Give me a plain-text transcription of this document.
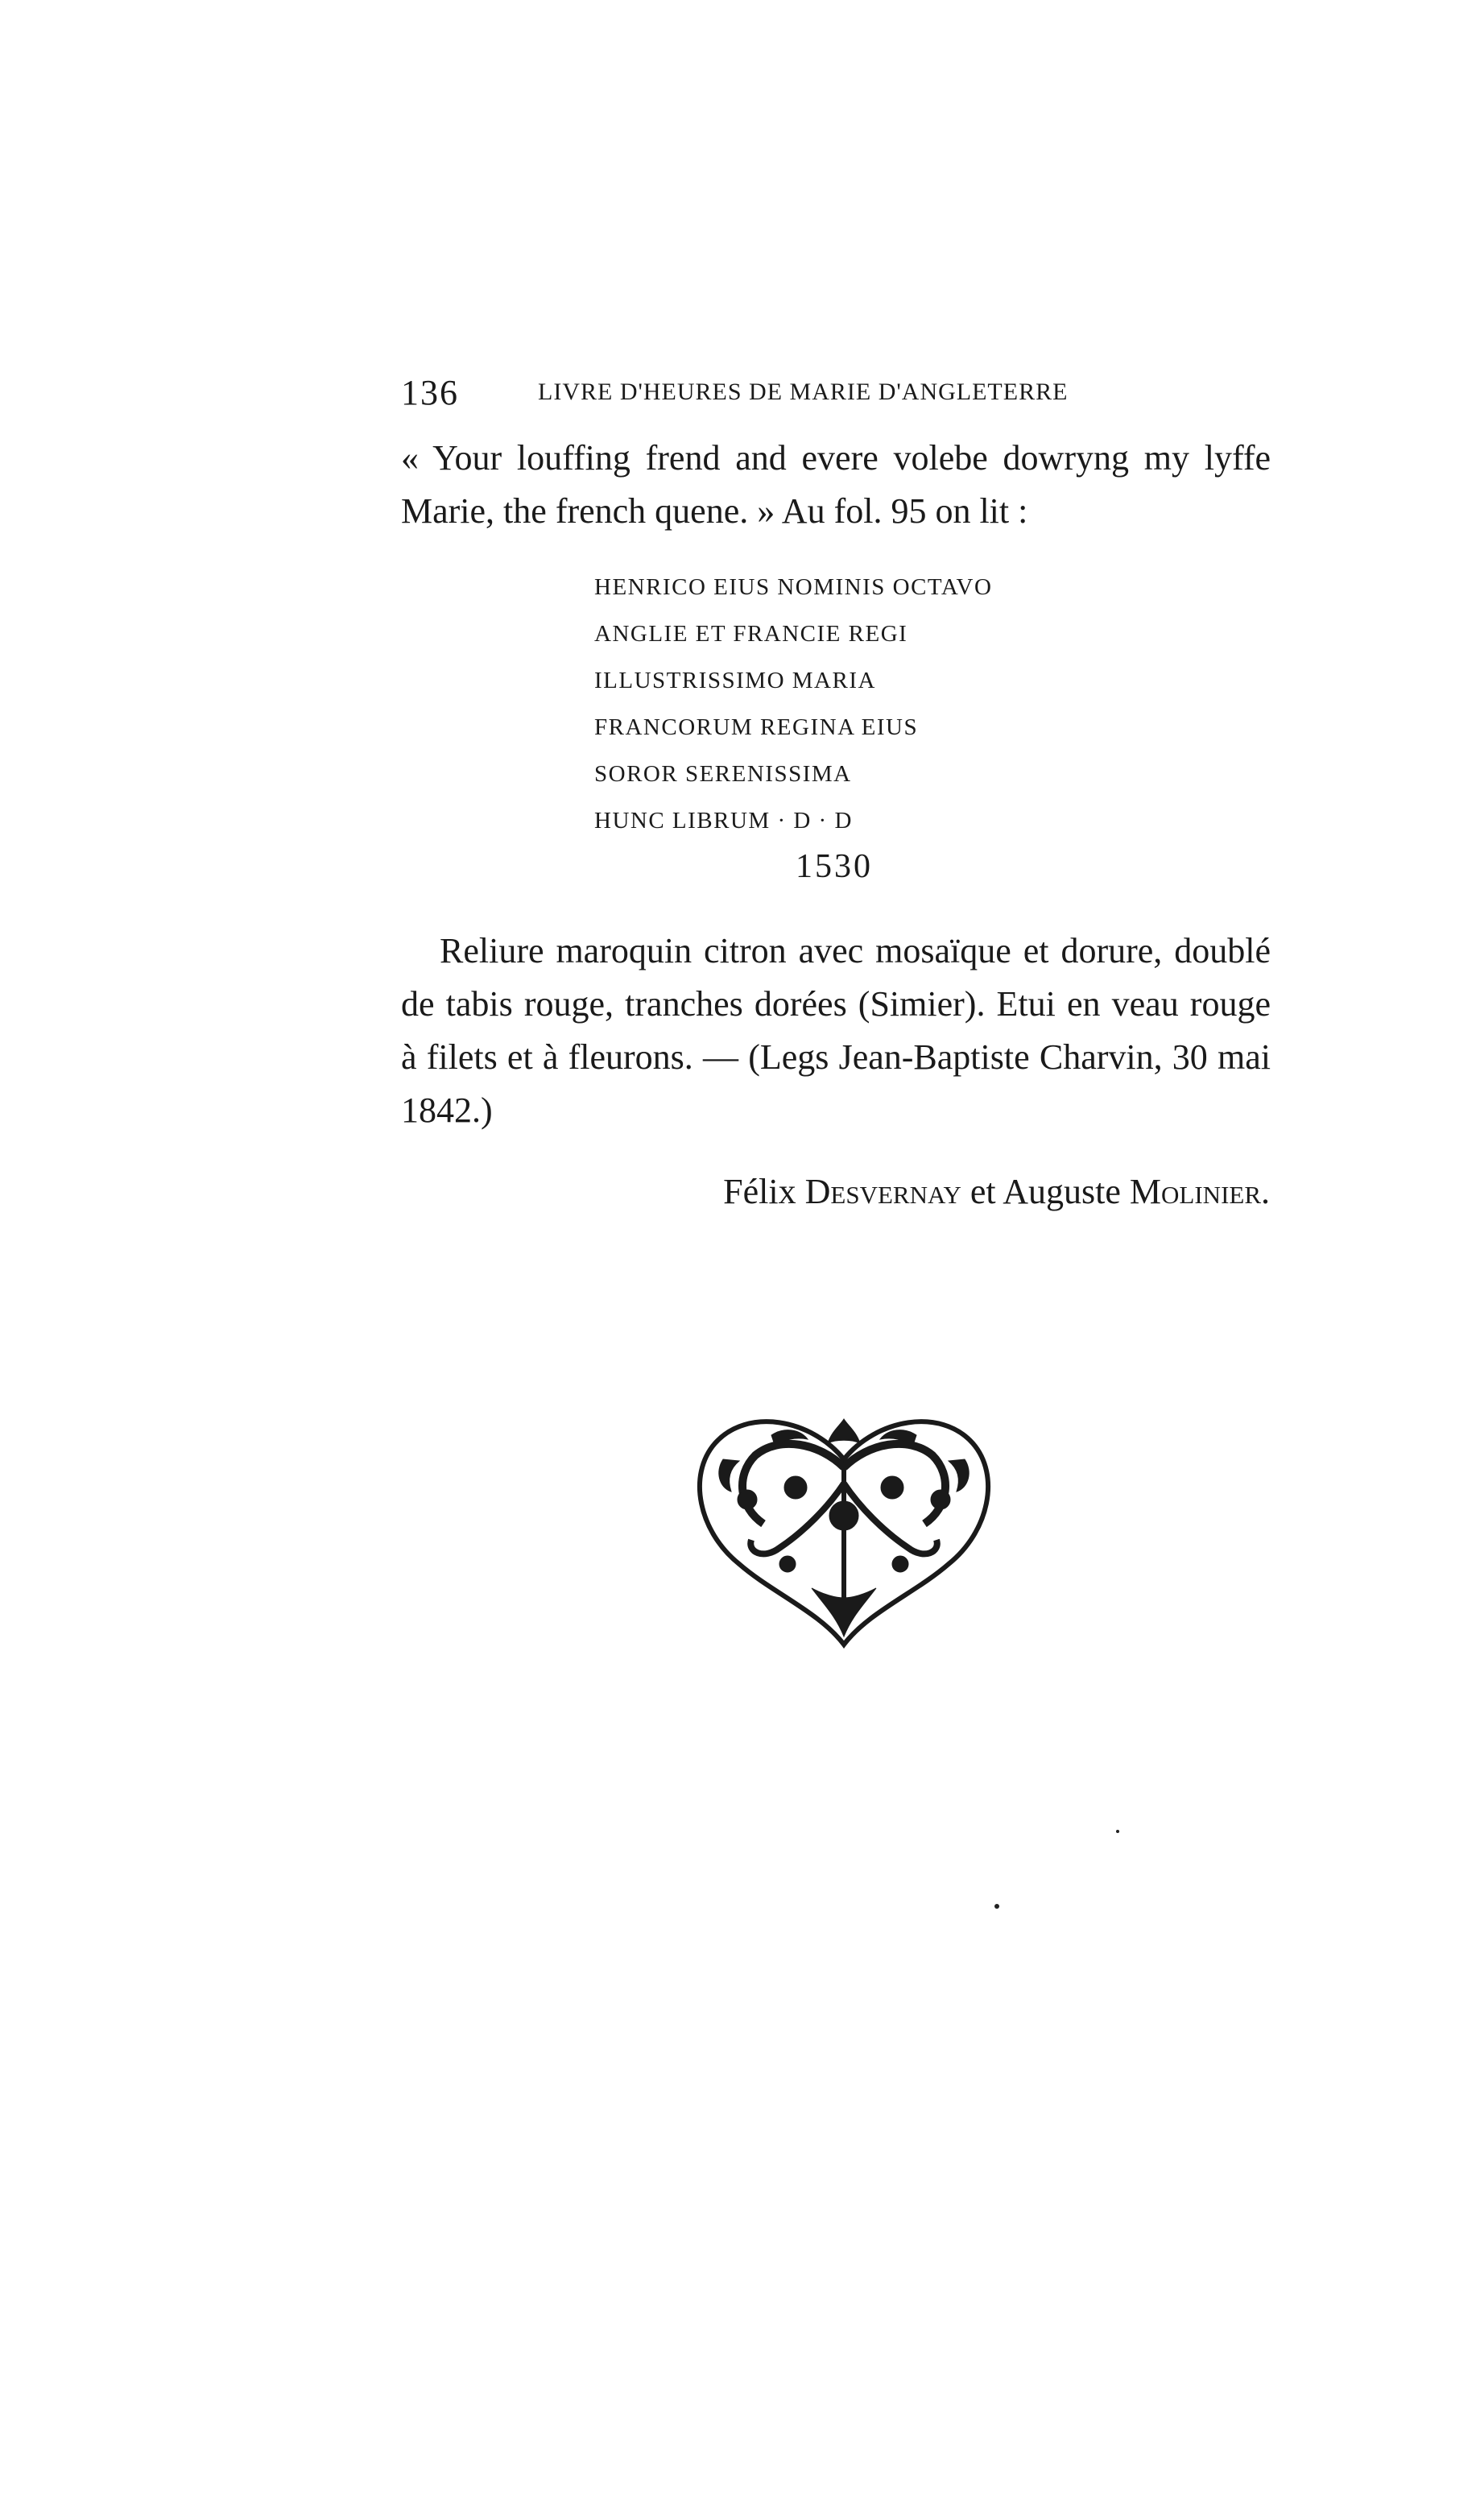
136	LIVRE D'HEURES DE MARIE D'ANGLETERRE

« Your louffing frend and evere volebe dowryng my lyffe

Marie, the french quene. » Au fol. 95 on lit :

HENRICO EIUS NOMINIS OCTAVO
ANGLIE ET FRANCIE REGI
ILLUSTRISSIMO MARIA
FRANCORUM REGINA EIUS
SOROR SERENISSIMA
HUNC LIBRUM · D · D
1530

Reliure maroquin citron avec mosaïque et dorure, doublé de tabis rouge, tranches dorées (Simier). Etui en veau rouge à filets et à fleurons. — (Legs Jean-Baptiste Charvin, 30 mai 1842.)

Félix Desvernay et Auguste Molinier.
